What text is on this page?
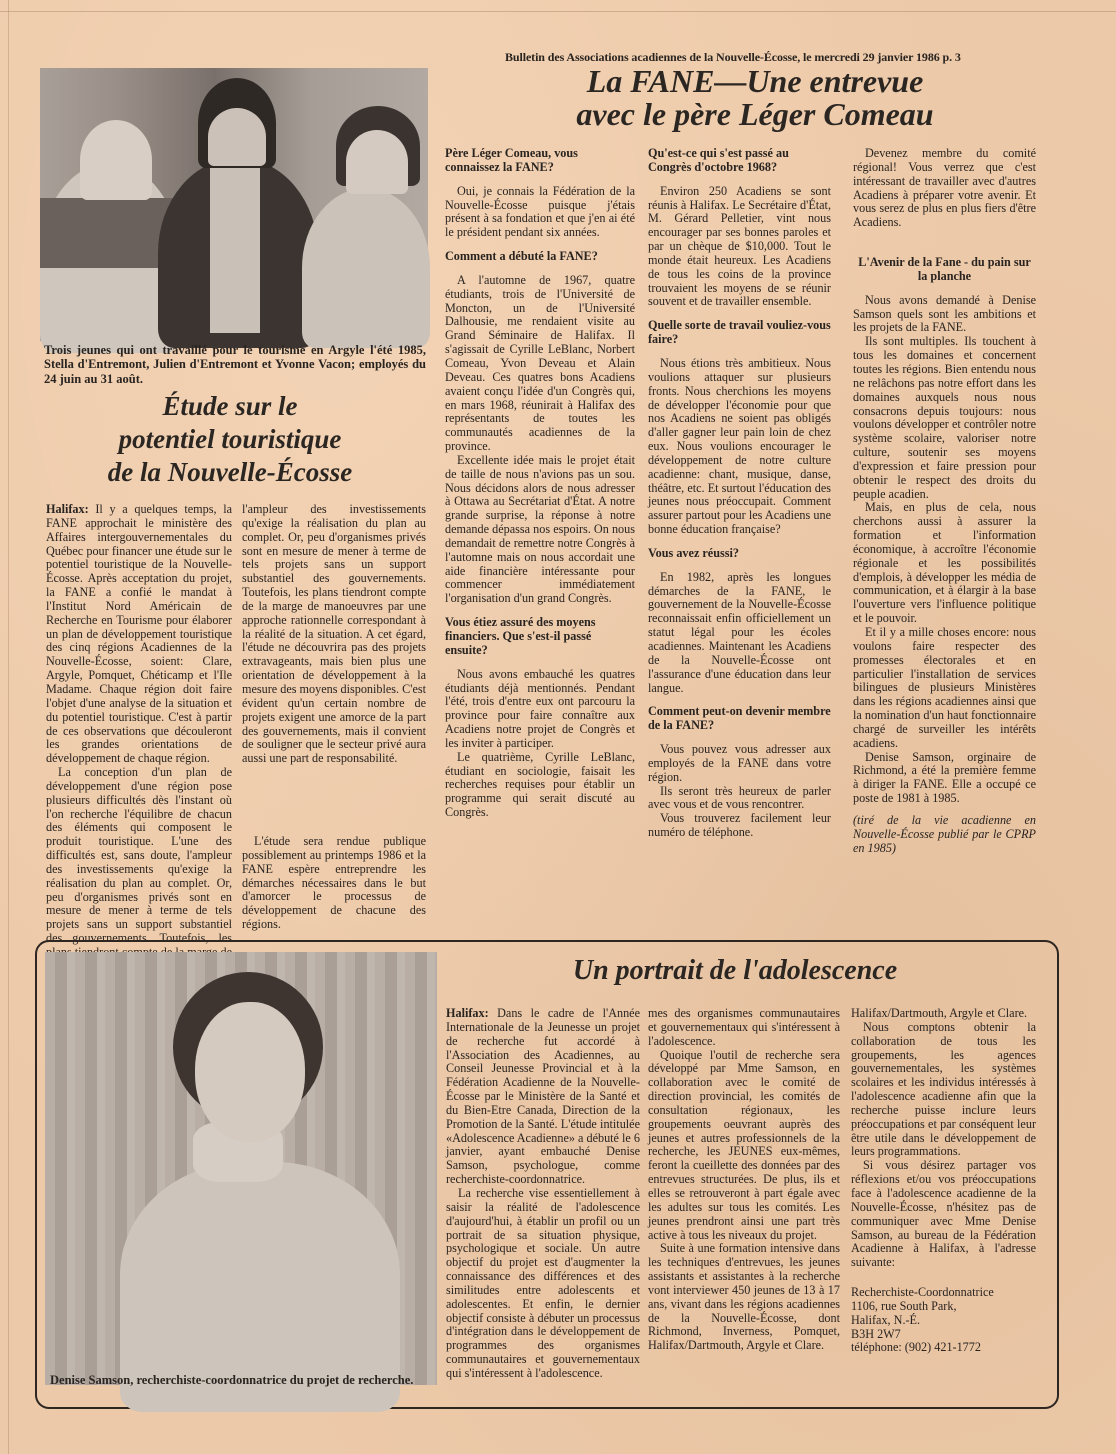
Bulletin des Associations acadiennes de la Nouvelle-Écosse, le mercredi 29 janvier 1986 p. 3
La FANE—Une entrevue
avec le père Léger Comeau
Trois jeunes qui ont travaillé pour le tourisme en Argyle l'été 1985, Stella d'Entremont, Julien d'Entremont et Yvonne Vacon; employés du 24 juin au 31 août.
Étude sur le
potentiel touristique
de la Nouvelle-Écosse

Halifax: Il y a quelques temps, la FANE approchait le ministère des Affaires intergouvernementales du Québec pour financer une étude sur le potentiel touristique de la Nouvelle-Écosse. Après acceptation du projet, la FANE a confié le mandat à l'Institut Nord Américain de Recherche en Tourisme pour élaborer un plan de développement touristique des cinq régions Acadiennes de la Nouvelle-Écosse, soient: Clare, Argyle, Pomquet, Chéticamp et l'Ile Madame. Chaque région doit faire l'objet d'une analyse de la situation et du potentiel touristique. C'est à partir de ces observations que découleront les grandes orientations de développement de chaque région.

La conception d'un plan de développement d'une région pose plusieurs difficultés dès l'instant où l'on recherche l'équilibre de chacun des éléments qui composent le produit touristique. L'une des difficultés est, sans doute, l'ampleur des investissements qu'exige la réalisation du plan au complet. Or, peu d'organismes privés sont en mesure de mener à terme de tels projets sans un support substantiel des gouvernements. Toutefois, les

l'ampleur des investissements qu'exige la réalisation du plan au complet. Or, peu d'organismes privés sont en mesure de mener à terme de tels projets sans un support substantiel des gouvernements. Toutefois, les plans tiendront compte de la marge de manoeuvres par une approche rationnelle correspondant à la réalité de la situation. A cet égard, l'étude ne découvrira pas des projets extravageants, mais bien plus une orientation de développement à la mesure des moyens disponibles. C'est évident qu'un certain nombre de projets exigent une amorce de la part des gouvernements, mais il convient de souligner que le secteur privé aura aussi une part de responsabilité.

L'étude sera rendue publique possiblement au printemps 1986 et la FANE espère entreprendre les démarches nécessaires dans le but d'amorcer le processus de développement de chacune des régions.

Père Léger Comeau, vous connaissez la FANE?

Oui, je connais la Fédération de la Nouvelle-Écosse puisque j'étais présent à sa fondation et que j'en ai été le président pendant six années.

Comment a débuté la FANE?

A l'automne de 1967, quatre étudiants, trois de l'Université de Moncton, un de l'Université Dalhousie, me rendaient visite au Grand Séminaire de Halifax. Il s'agissait de Cyrille LeBlanc, Norbert Comeau, Yvon Deveau et Alain Deveau. Ces quatres bons Acadiens avaient conçu l'idée d'un Congrès qui, en mars 1968, réunirait à Halifax des représentants de toutes les communautés acadiennes de la province.

Excellente idée mais le projet était de taille de nous n'avions pas un sou. Nous décidons alors de nous adresser à Ottawa au Secrétariat d'État. A notre grande surprise, la réponse à notre demande dépassa nos espoirs. On nous demandait de remettre notre Congrès à l'automne mais on nous accordait une aide financière intéressante pour commencer immédiatement l'organisation d'un grand Congrès.

Vous étiez assuré des moyens financiers. Que s'est-il passé ensuite?

Nous avons embauché les quatres étudiants déjà mentionnés. Pendant l'été, trois d'entre eux ont parcouru la province pour faire connaître aux Acadiens notre projet de Congrès et les inviter à participer.

Le quatrième, Cyrille LeBlanc, étudiant en sociologie, faisait les recherches requises pour établir un programme qui serait discuté au Congrès.

Qu'est-ce qui s'est passé au Congrès d'octobre 1968?

Environ 250 Acadiens se sont réunis à Halifax. Le Secrétaire d'État, M. Gérard Pelletier, vint nous encourager par ses bonnes paroles et par un chèque de $10,000. Tout le monde était heureux. Les Acadiens de tous les coins de la province trouvaient les moyens de se réunir souvent et de travailler ensemble.

Quelle sorte de travail vouliez-vous faire?

Nous étions très ambitieux. Nous voulions attaquer sur plusieurs fronts. Nous cherchions les moyens de développer l'économie pour que nos Acadiens ne soient pas obligés d'aller gagner leur pain loin de chez eux. Nous voulions encourager le développement de notre culture acadienne: chant, musique, danse, théâtre, etc. Et surtout l'éducation des jeunes nous préoccupait. Comment assurer partout pour les Acadiens une bonne éducation française?

Vous avez réussi?

En 1982, après les longues démarches de la FANE, le gouvernement de la Nouvelle-Écosse reconnaissait enfin officiellement un statut légal pour les écoles acadiennes. Maintenant les Acadiens de la Nouvelle-Écosse ont l'assurance d'une éducation dans leur langue.

Comment peut-on devenir membre de la FANE?

Vous pouvez vous adresser aux employés de la FANE dans votre région.

Ils seront très heureux de parler avec vous et de vous rencontrer.

Vous trouverez facilement leur numéro de téléphone.

Devenez membre du comité régional! Vous verrez que c'est intéressant de travailler avec d'autres Acadiens à préparer votre avenir. Et vous serez de plus en plus fiers d'être Acadiens.

L'Avenir de la Fane - du pain sur la planche

Nous avons demandé à Denise Samson quels sont les ambitions et les projets de la FANE.

Ils sont multiples. Ils touchent à tous les domaines et concernent toutes les régions. Bien entendu nous ne relâchons pas notre effort dans les domaines auxquels nous nous consacrons depuis toujours: nous voulons développer et contrôler notre système scolaire, valoriser notre culture, soutenir ses moyens d'expression et faire pression pour obtenir le respect des droits du peuple acadien.

Mais, en plus de cela, nous cherchons aussi à assurer la formation et l'information économique, à accroître l'économie régionale et les possibilités d'emplois, à développer les média de communication, et à élargir à la base l'ouverture vers l'influence politique et le pouvoir.

Et il y a mille choses encore: nous voulons faire respecter des promesses électorales et en particulier l'installation de services bilingues de plusieurs Ministères dans les régions acadiennes ainsi que la nomination d'un haut fonctionnaire chargé de surveiller les intérêts acadiens.

Denise Samson, orginaire de Richmond, a été la première femme à diriger la FANE. Elle a occupé ce poste de 1981 à 1985.

(tiré de la vie acadienne en Nouvelle-Écosse publié par le CPRP en 1985)

Denise Samson, recherchiste-coordonnatrice du projet de recherche.
Un portrait de l'adolescence

Halifax: Dans le cadre de l'Année Internationale de la Jeunesse un projet de recherche fut accordé à l'Association des Acadiennes, au Conseil Jeunesse Provincial et à la Fédération Acadienne de la Nouvelle-Écosse par le Ministère de la Santé et du Bien-Etre Canada, Direction de la Promotion de la Santé. L'étude intitulée «Adolescence Acadienne» a débuté le 6 janvier, ayant embauché Denise Samson, psychologue, comme recherchiste-coordonnatrice.

La recherche vise essentiellement à saisir la réalité de l'adolescence d'aujourd'hui, à établir un profil ou un portrait de sa situation physique, psychologique et sociale. Un autre objectif du projet est d'augmenter la connaissance des différences et des similitudes entre adolescents et adolescentes. Et enfin, le dernier objectif consiste à débuter un processus d'intégration dans le développement de programmes des organismes communautaires et gouvernementaux qui s'intéressent à l'adolescence.

mes des organismes communautaires et gouvernementaux qui s'intéressent à l'adolescence.

Quoique l'outil de recherche sera développé par Mme Samson, en collaboration avec le comité de direction provincial, les comités de consultation régionaux, les groupements oeuvrant auprès des jeunes et autres professionnels de la recherche, les JEUNES eux-mêmes, feront la cueillette des données par des entrevues structurées. De plus, ils et elles se retrouveront à part égale avec les adultes sur tous les comités. Les jeunes prendront ainsi une part très active à tous les niveaux du projet.

Suite à une formation intensive dans les techniques d'entrevues, les jeunes assistants et assistantes à la recherche vont interviewer 450 jeunes de 13 à 17 ans, vivant dans les régions acadiennes de la Nouvelle-Écosse, dont Richmond, Inverness, Pomquet, Halifax/Dartmouth, Argyle et Clare.

Halifax/Dartmouth, Argyle et Clare.

Nous comptons obtenir la collaboration de tous les groupements, les agences gouvernementales, les systèmes scolaires et les individus intéressés à l'adolescence acadienne afin que la recherche puisse inclure leurs préoccupations et par conséquent leur être utile dans le développement de leurs programmations.

Si vous désirez partager vos réflexions et/ou vos préoccupations face à l'adolescence acadienne de la Nouvelle-Écosse, n'hésitez pas de communiquer avec Mme Denise Samson, au bureau de la Fédération Acadienne à Halifax, à l'adresse suivante:

Recherchiste-Coordonnatrice
1106, rue South Park,
Halifax, N.-É.
B3H 2W7
téléphone: (902) 421-1772
